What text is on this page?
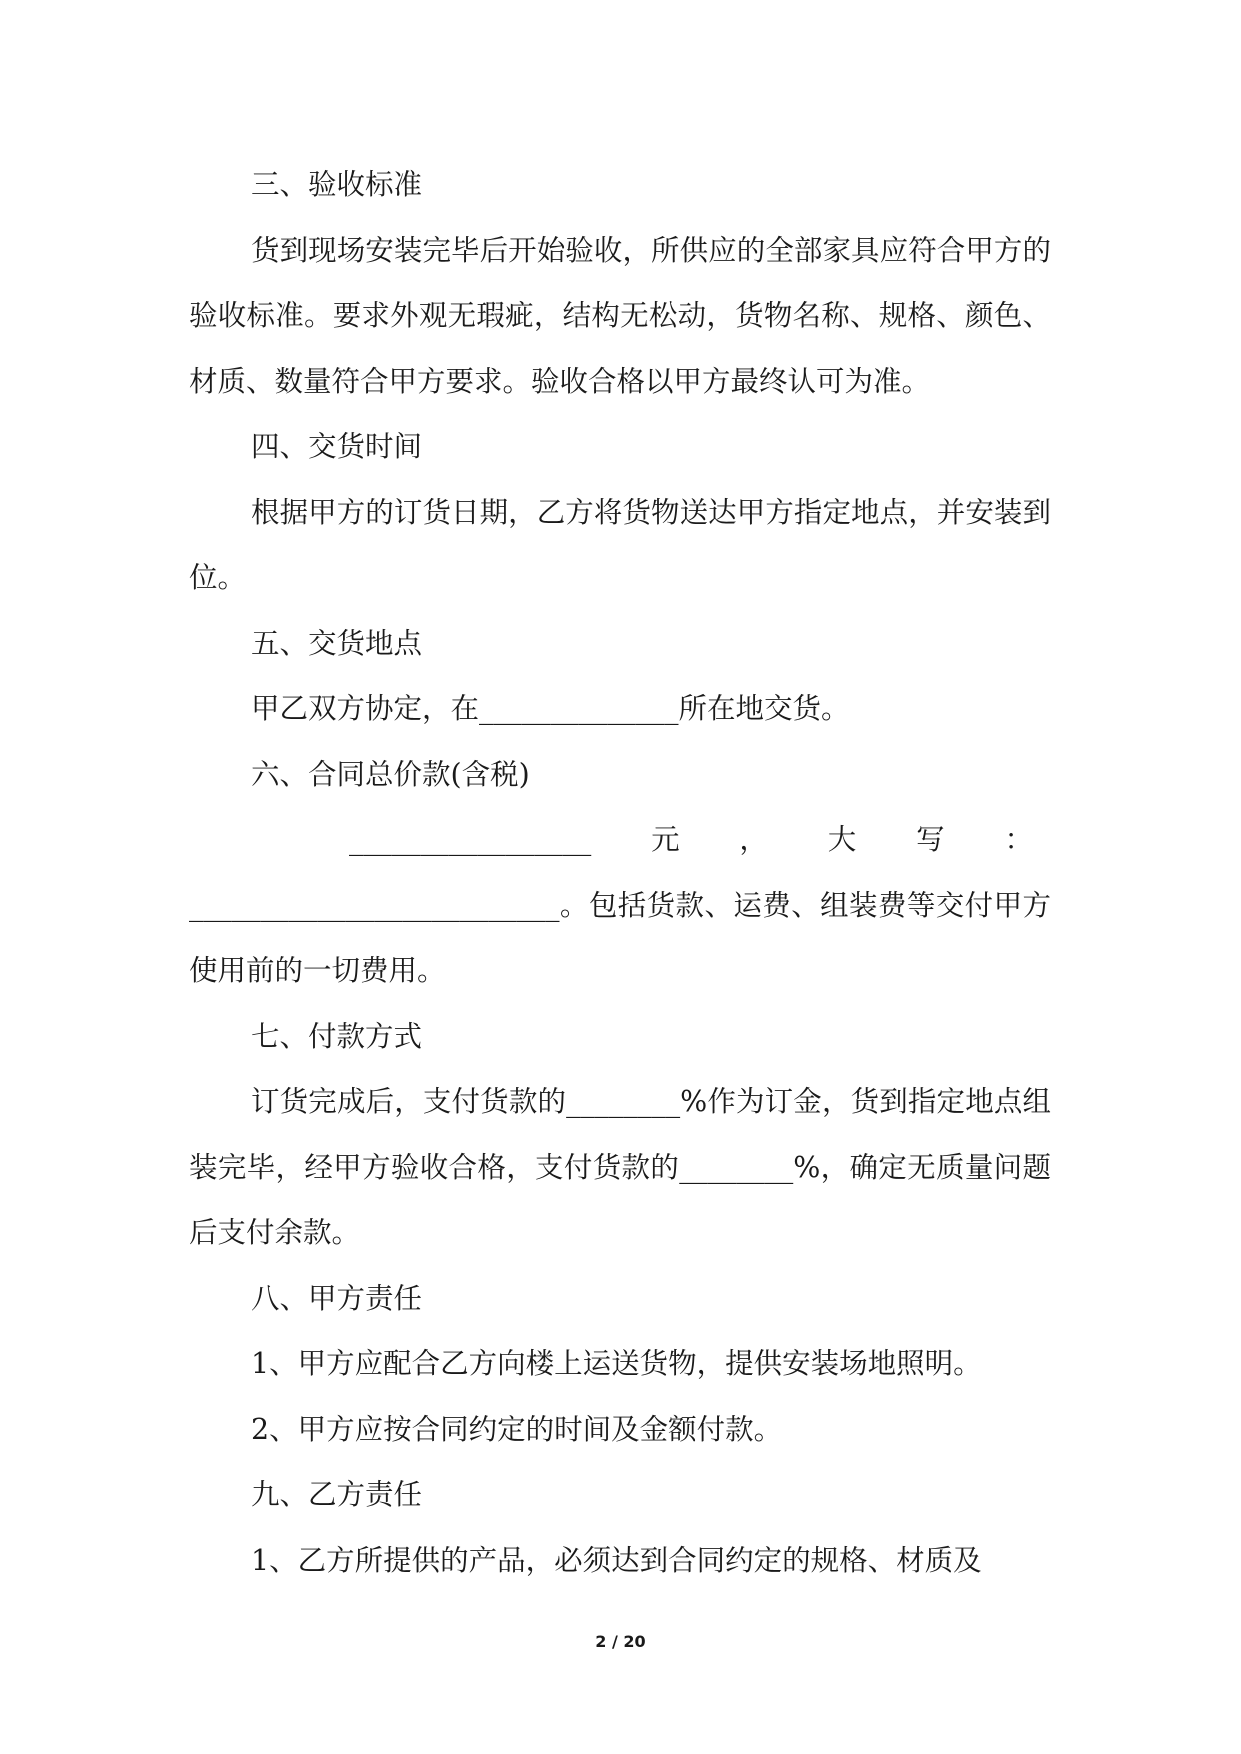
三、验收标准

货到现场安装完毕后开始验收，所供应的全部家具应符合甲方的验收标准。要求外观无瑕疵，结构无松动，货物名称、规格、颜色、材质、数量符合甲方要求。验收合格以甲方最终认可为准。

四、交货时间

根据甲方的订货日期，乙方将货物送达甲方指定地点，并安装到位。

五、交货地点

甲乙双方协定，在______________所在地交货。

六、合同总价款(含税)

_________________ 元 ， 大 写 ：

__________________________。包括货款、运费、组装费等交付甲方使用前的一切费用。

七、付款方式

订货完成后，支付货款的________%作为订金，货到指定地点组装完毕，经甲方验收合格，支付货款的________%，确定无质量问题后支付余款。

八、甲方责任

1、甲方应配合乙方向楼上运送货物，提供安装场地照明。

2、甲方应按合同约定的时间及金额付款。

九、乙方责任

1、乙方所提供的产品，必须达到合同约定的规格、材质及

2 / 20
